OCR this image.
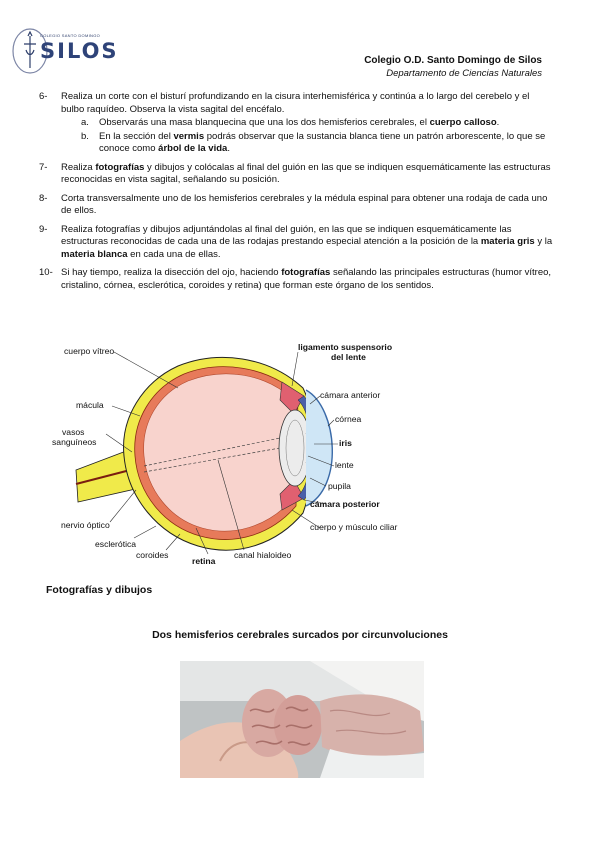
COLEGIO SANTO DOMINGO
SILOS	Colegio O.D. Santo Domingo de Silos
Departamento de Ciencias Naturales
6- Realiza un corte con el bisturí profundizando en la cisura interhemisférica y continúa a lo largo del cerebelo y el bulbo raquídeo. Observa la vista sagital del encéfalo.
a. Observarás una masa blanquecina que una los dos hemisferios cerebrales, el cuerpo calloso.
b. En la sección del vermis podrás observar que la sustancia blanca tiene un patrón arborescente, lo que se conoce como árbol de la vida.
7- Realiza fotografías y dibujos y colócalas al final del guión en las que se indiquen esquemáticamente las estructuras reconocidas en vista sagital, señalando su posición.
8- Corta transversalmente uno de los hemisferios cerebrales y la médula espinal para obtener una rodaja de cada uno de ellos.
9- Realiza fotografías y dibujos adjuntándolas al final del guión, en las que se indiquen esquemáticamente las estructuras reconocidas de cada una de las rodajas prestando especial atención a la posición de la materia gris y la materia blanca en cada una de ellas.
10- Si hay tiempo, realiza la disección del ojo, haciendo fotografías señalando las principales estructuras (humor vítreo, cristalino, córnea, esclerótica, coroides y retina) que forman este órgano de los sentidos.
cuerpo vítreo
mácula
vasos
sanguíneos
nervio óptico
esclerótica
coroides
retina
canal hialoideo
ligamento suspensorio
del lente
cámara anterior
córnea
iris
lente
pupila
cámara posterior
cuerpo y músculo ciliar
Fotografías y dibujos
Dos hemisferios cerebrales surcados por circunvoluciones
